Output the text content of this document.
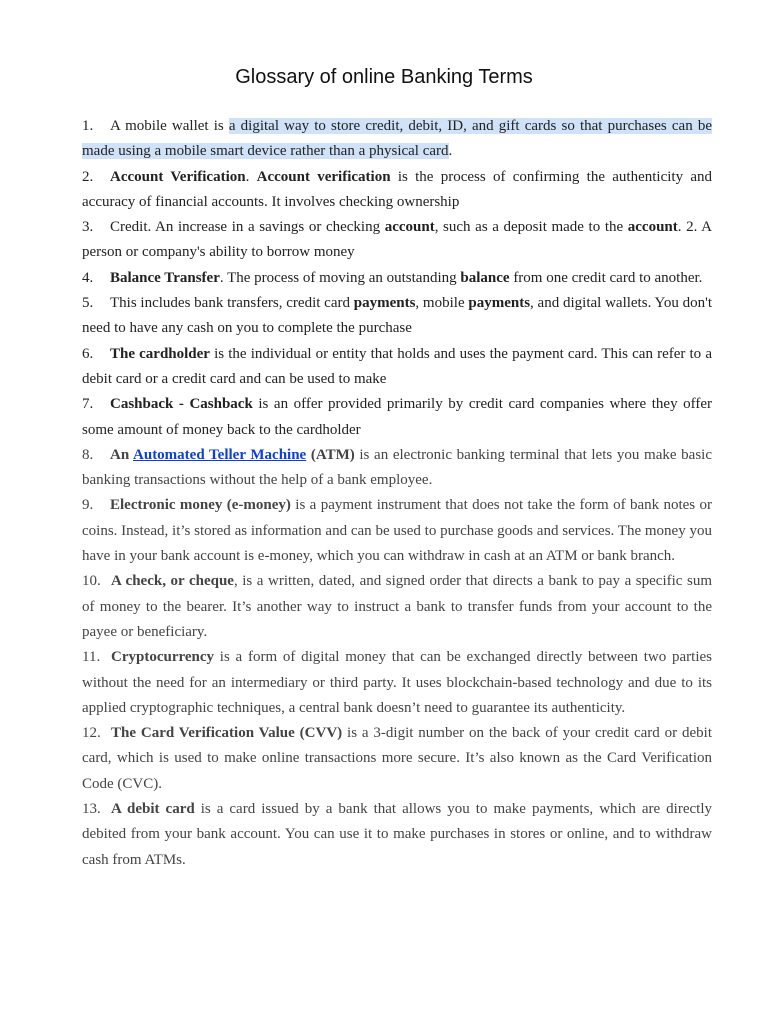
Glossary of online Banking Terms
1. A mobile wallet is a digital way to store credit, debit, ID, and gift cards so that purchases can be made using a mobile smart device rather than a physical card.
2. Account Verification. Account verification is the process of confirming the authenticity and accuracy of financial accounts. It involves checking ownership
3. Credit. An increase in a savings or checking account, such as a deposit made to the account. 2. A person or company's ability to borrow money
4. Balance Transfer. The process of moving an outstanding balance from one credit card to another.
5. This includes bank transfers, credit card payments, mobile payments, and digital wallets. You don't need to have any cash on you to complete the purchase
6. The cardholder is the individual or entity that holds and uses the payment card. This can refer to a debit card or a credit card and can be used to make
7. Cashback - Cashback is an offer provided primarily by credit card companies where they offer some amount of money back to the cardholder
8. An Automated Teller Machine (ATM) is an electronic banking terminal that lets you make basic banking transactions without the help of a bank employee.
9. Electronic money (e-money) is a payment instrument that does not take the form of bank notes or coins. Instead, it’s stored as information and can be used to purchase goods and services. The money you have in your bank account is e-money, which you can withdraw in cash at an ATM or bank branch.
10. A check, or cheque, is a written, dated, and signed order that directs a bank to pay a specific sum of money to the bearer. It’s another way to instruct a bank to transfer funds from your account to the payee or beneficiary.
11. Cryptocurrency is a form of digital money that can be exchanged directly between two parties without the need for an intermediary or third party. It uses blockchain-based technology and due to its applied cryptographic techniques, a central bank doesn’t need to guarantee its authenticity.
12. The Card Verification Value (CVV) is a 3-digit number on the back of your credit card or debit card, which is used to make online transactions more secure. It’s also known as the Card Verification Code (CVC).
13. A debit card is a card issued by a bank that allows you to make payments, which are directly debited from your bank account. You can use it to make purchases in stores or online, and to withdraw cash from ATMs.
